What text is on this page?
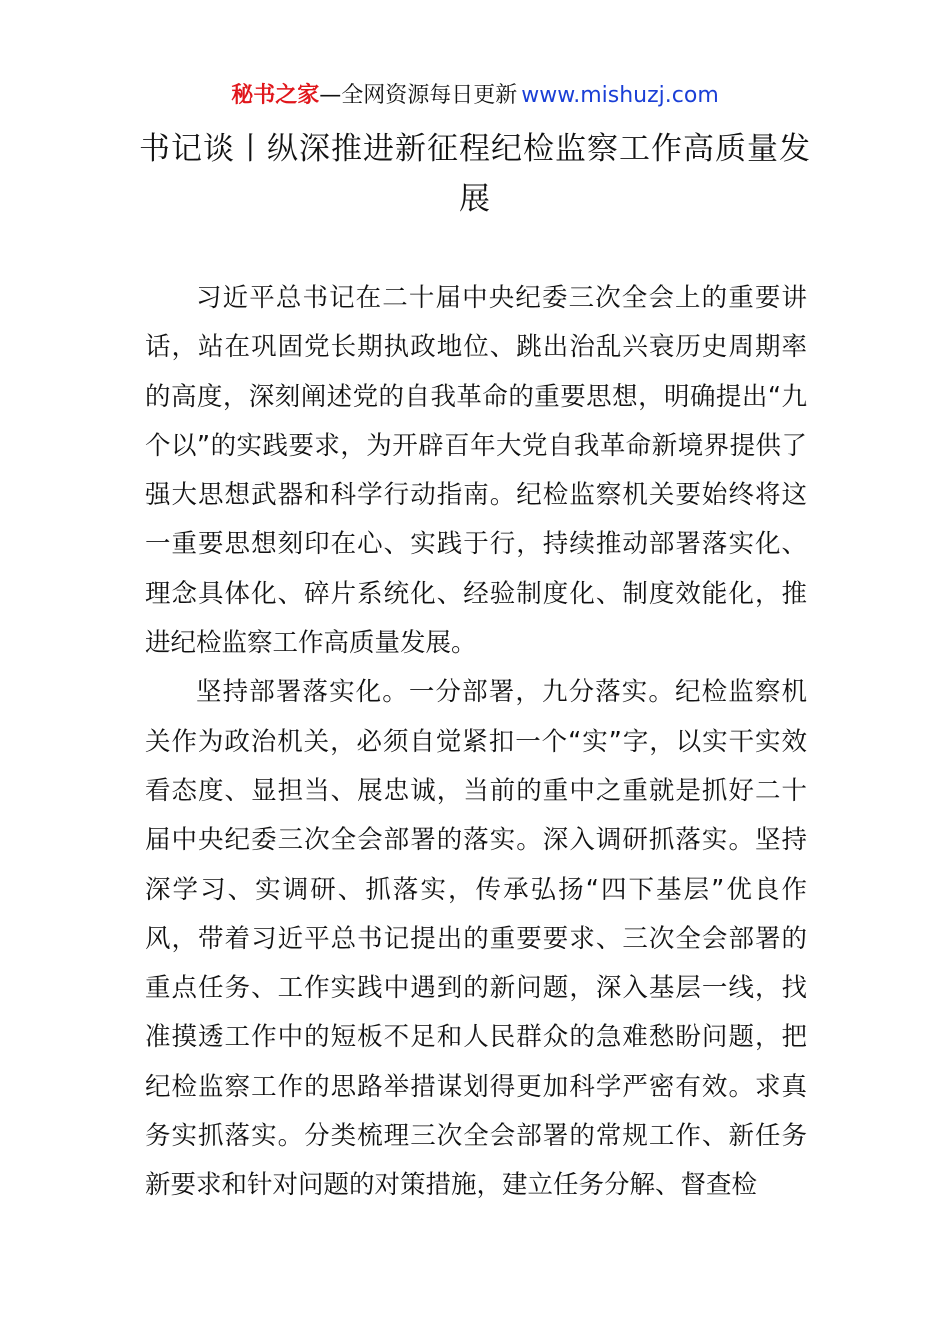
秘书之家—全网资源每日更新 www.mishuzj.com
书记谈丨纵深推进新征程纪检监察工作高质量发展

习近平总书记在二十届中央纪委三次全会上的重要讲话，站在巩固党长期执政地位、跳出治乱兴衰历史周期率的高度，深刻阐述党的自我革命的重要思想，明确提出“九个以”的实践要求，为开辟百年大党自我革命新境界提供了强大思想武器和科学行动指南。纪检监察机关要始终将这一重要思想刻印在心、实践于行，持续推动部署落实化、理念具体化、碎片系统化、经验制度化、制度效能化，推进纪检监察工作高质量发展。

坚持部署落实化。一分部署，九分落实。纪检监察机关作为政治机关，必须自觉紧扣一个“实”字，以实干实效看态度、显担当、展忠诚，当前的重中之重就是抓好二十届中央纪委三次全会部署的落实。深入调研抓落实。坚持深学习、实调研、抓落实，传承弘扬“四下基层”优良作风，带着习近平总书记提出的重要要求、三次全会部署的重点任务、工作实践中遇到的新问题，深入基层一线，找准摸透工作中的短板不足和人民群众的急难愁盼问题，把纪检监察工作的思路举措谋划得更加科学严密有效。求真务实抓落实。分类梳理三次全会部署的常规工作、新任务新要求和针对问题的对策措施，建立任务分解、督查检
